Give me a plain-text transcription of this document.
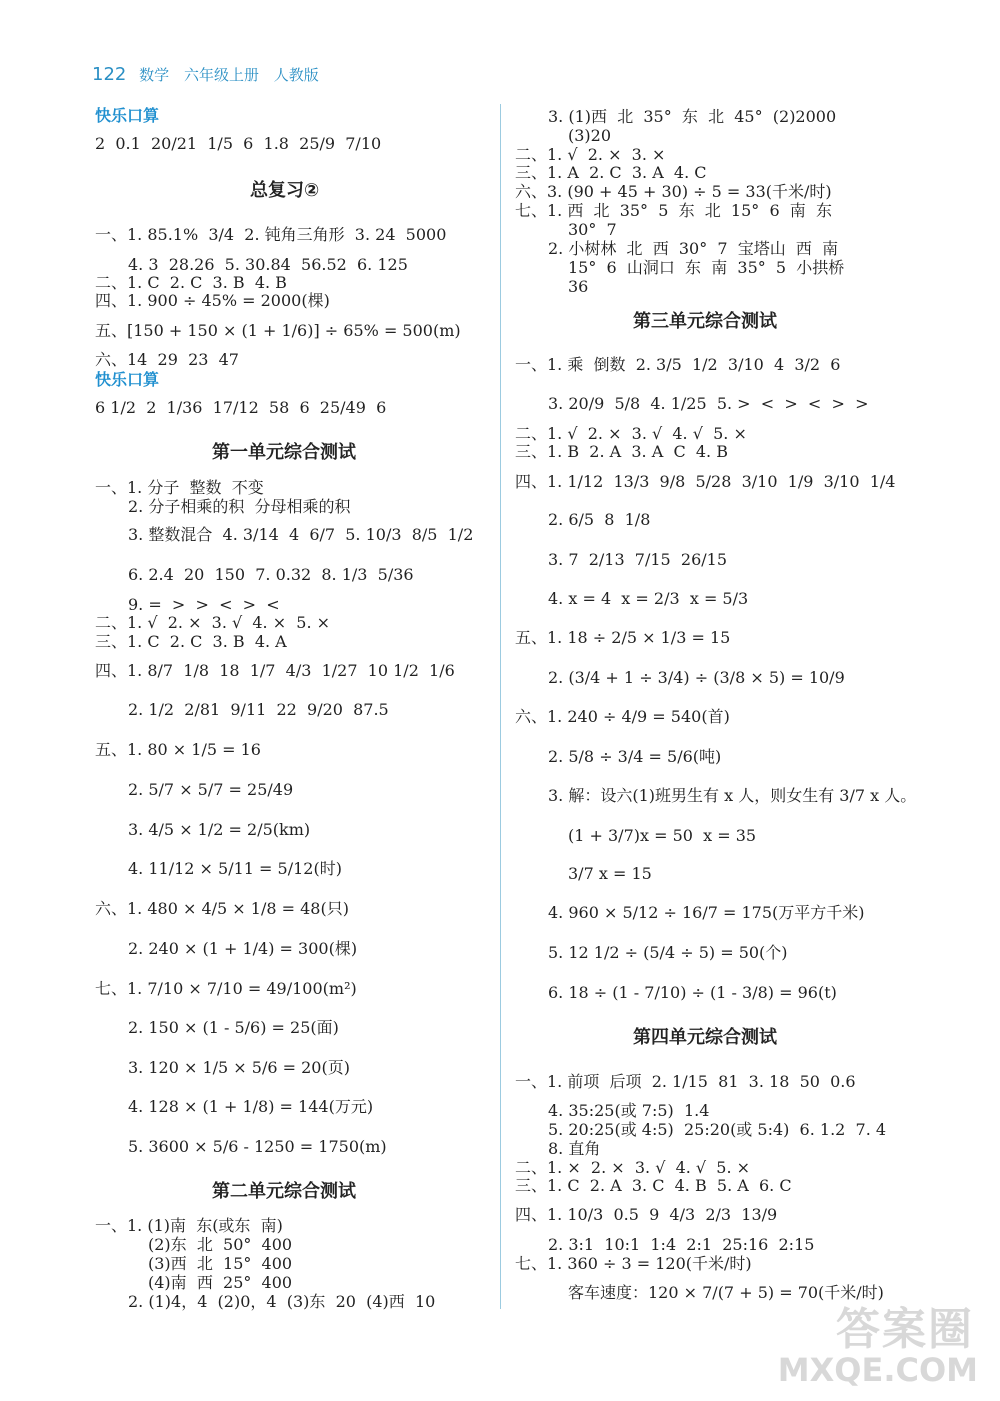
122 数学 六年级上册 人教版
快乐口算
2  0.1  20/21  1/5  6  1.8  25/9  7/10
总复习②
一、1. 85.1%  3/4  2. 钝角三角形  3. 24  5000
4. 3  28.26  5. 30.84  56.52  6. 125
二、1. C  2. C  3. B  4. B
四、1. 900 ÷ 45% = 2000(棵)
五、[150 + 150 × (1 + 1/6)] ÷ 65% = 500(m)
六、14  29  23  47
快乐口算
6 1/2  2  1/36  17/12  58  6  25/49  6
第一单元综合测试
一、1. 分子  整数  不变
2. 分子相乘的积  分母相乘的积
3. 整数混合  4. 3/14  4  6/7  5. 10/3  8/5  1/2
6. 2.4  20  150  7. 0.32  8. 1/3  5/36
9. =  >  >  <  >  <
二、1. √  2. ×  3. √  4. ×  5. ×
三、1. C  2. C  3. B  4. A
四、1. 8/7  1/8  18  1/7  4/3  1/27  10 1/2  1/6
2. 1/2  2/81  9/11  22  9/20  87.5
五、1. 80 × 1/5 = 16
2. 5/7 × 5/7 = 25/49
3. 4/5 × 1/2 = 2/5(km)
4. 11/12 × 5/11 = 5/12(时)
六、1. 480 × 4/5 × 1/8 = 48(只)
2. 240 × (1 + 1/4) = 300(棵)
七、1. 7/10 × 7/10 = 49/100(m²)
2. 150 × (1 - 5/6) = 25(面)
3. 120 × 1/5 × 5/6 = 20(页)
4. 128 × (1 + 1/8) = 144(万元)
5. 3600 × 5/6 - 1250 = 1750(m)
第二单元综合测试
一、1. (1)南  东(或东  南)
(2)东  北  50°  400
(3)西  北  15°  400
(4)南  西  25°  400
2. (1)4，4  (2)0，4  (3)东  20  (4)西  10
3. (1)西  北  35°  东  北  45°  (2)2000
(3)20
二、1. √  2. ×  3. ×
三、1. A  2. C  3. A  4. C
六、3. (90 + 45 + 30) ÷ 5 = 33(千米/时)
七、1. 西  北  35°  5  东  北  15°  6  南  东
30°  7
2. 小树林  北  西  30°  7  宝塔山  西  南
15°  6  山洞口  东  南  35°  5  小拱桥
36
第三单元综合测试
一、1. 乘  倒数  2. 3/5  1/2  3/10  4  3/2  6
3. 20/9  5/8  4. 1/25  5. >  <  >  <  >  >
二、1. √  2. ×  3. √  4. √  5. ×
三、1. B  2. A  3. A  C  4. B
四、1. 1/12  13/3  9/8  5/28  3/10  1/9  3/10  1/4
2. 6/5  8  1/8
3. 7  2/13  7/15  26/15
4. x = 4  x = 2/3  x = 5/3
五、1. 18 ÷ 2/5 × 1/3 = 15
2. (3/4 + 1 ÷ 3/4) ÷ (3/8 × 5) = 10/9
六、1. 240 ÷ 4/9 = 540(首)
2. 5/8 ÷ 3/4 = 5/6(吨)
3. 解：设六(1)班男生有 x 人，则女生有 3/7 x 人。
(1 + 3/7)x = 50  x = 35
3/7 x = 15
4. 960 × 5/12 ÷ 16/7 = 175(万平方千米)
5. 12 1/2 ÷ (5/4 ÷ 5) = 50(个)
6. 18 ÷ (1 - 7/10) ÷ (1 - 3/8) = 96(t)
第四单元综合测试
一、1. 前项  后项  2. 1/15  81  3. 18  50  0.6
4. 35:25(或 7:5)  1.4
5. 20:25(或 4:5)  25:20(或 5:4)  6. 1.2  7. 4
8. 直角
二、1. ×  2. ×  3. √  4. √  5. ×
三、1. C  2. A  3. C  4. B  5. A  6. C
四、1. 10/3  0.5  9  4/3  2/3  13/9
2. 3:1  10:1  1:4  2:1  25:16  2:15
七、1. 360 ÷ 3 = 120(千米/时)
客车速度：120 × 7/(7 + 5) = 70(千米/时)
答案圈
MXQE.COM
